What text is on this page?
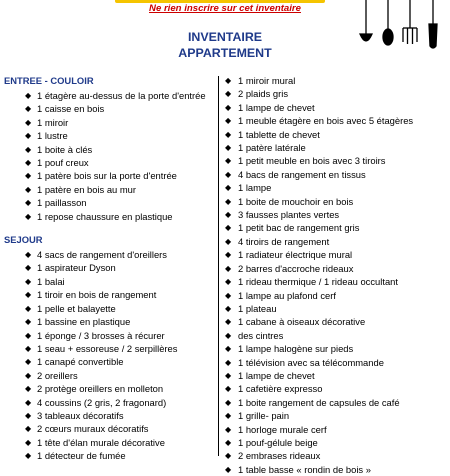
Ne rien inscrire sur cet inventaire
INVENTAIRE
APPARTEMENT
ENTREE - COULOIR
◆ 1 étagère au-dessus de la porte d'entrée
◆ 1 caisse en bois
◆ 1 miroir
◆ 1 lustre
◆ 1 boite à clés
◆ 1 pouf creux
◆ 1 patère bois sur la porte d'entrée
◆ 1 patère en bois au mur
◆ 1 paillasson
◆ 1 repose chaussure en plastique
SEJOUR
◆ 4 sacs de rangement d'oreillers
◆ 1 aspirateur Dyson
◆ 1 balai
◆ 1 tiroir en bois de rangement
◆ 1 pelle et balayette
◆ 1 bassine en plastique
◆ 1 éponge / 3 brosses à récurer
◆ 1 seau + essoreuse / 2 serpillères
◆ 1 canapé convertible
◆ 2 oreillers
◆ 2 protège oreillers en molleton
◆ 4 coussins (2 gris, 2 fragonard)
◆ 3 tableaux décoratifs
◆ 2 cœurs muraux décoratifs
◆ 1 tête d'élan murale décorative
◆ 1 détecteur de fumée
◆ 1 miroir mural
◆ 2 plaids gris
◆ 1 lampe de chevet
◆ 1 meuble étagère en bois avec 5 étagères
◆ 1 tablette de chevet
◆ 1 patère latérale
◆ 1 petit meuble en bois avec 3 tiroirs
◆ 4 bacs de rangement en tissus
◆ 1 lampe
◆ 1 boite de mouchoir en bois
◆ 3 fausses plantes vertes
◆ 1 petit bac de rangement gris
◆ 4 tiroirs de rangement
◆ 1 radiateur électrique mural
◆ 2 barres d'accroche rideaux
◆ 1 rideau thermique / 1 rideau occultant
◆ 1 lampe au plafond cerf
◆ 1 plateau
◆ 1 cabane à oiseaux décorative
◆ des cintres
◆ 1 lampe halogène sur pieds
◆ 1 télévision avec sa télécommande
◆ 1 lampe de chevet
◆ 1 cafetière expresso
◆ 1 boite rangement de capsules de café
◆ 1 grille- pain
◆ 1 horloge murale cerf
◆ 1 pouf-gélule beige
◆ 2 embrases rideaux
◆ 1 table basse « rondin de bois »
